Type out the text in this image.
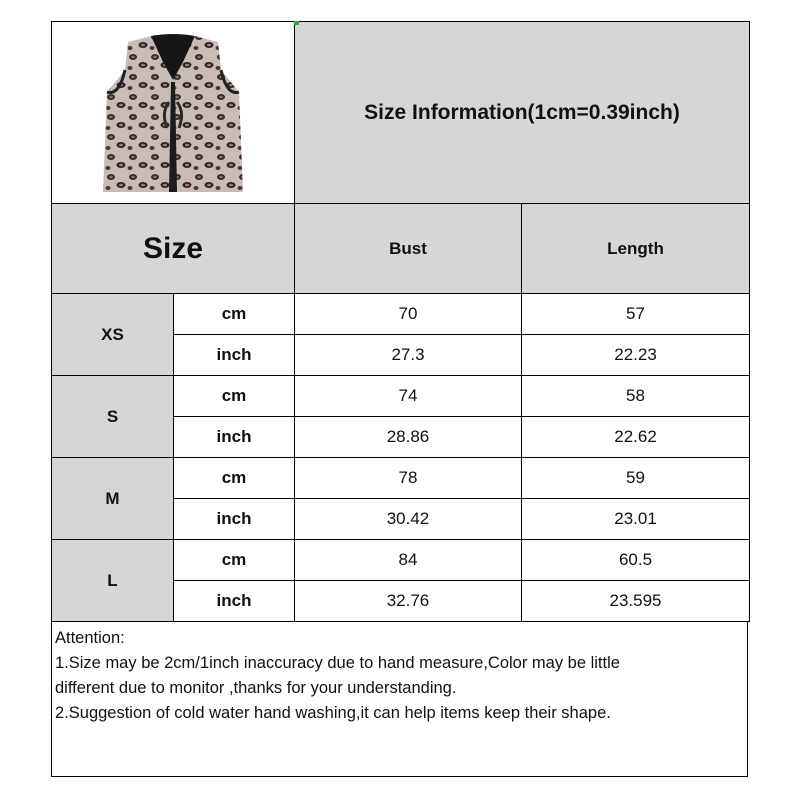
	Size Information(1cm=0.39inch)	
Size		Bust	Length
XS	cm	70	57
	inch	27.3	22.23
S	cm	74	58
	inch	28.86	22.62
M	cm	78	59
	inch	30.42	23.01
L	cm	84	60.5
	inch	32.76	23.595
Attention:
1.Size may be 2cm/1inch inaccuracy due to hand measure,Color may be little
different due to monitor ,thanks for your understanding.
2.Suggestion of cold water hand washing,it can help items keep their shape.
